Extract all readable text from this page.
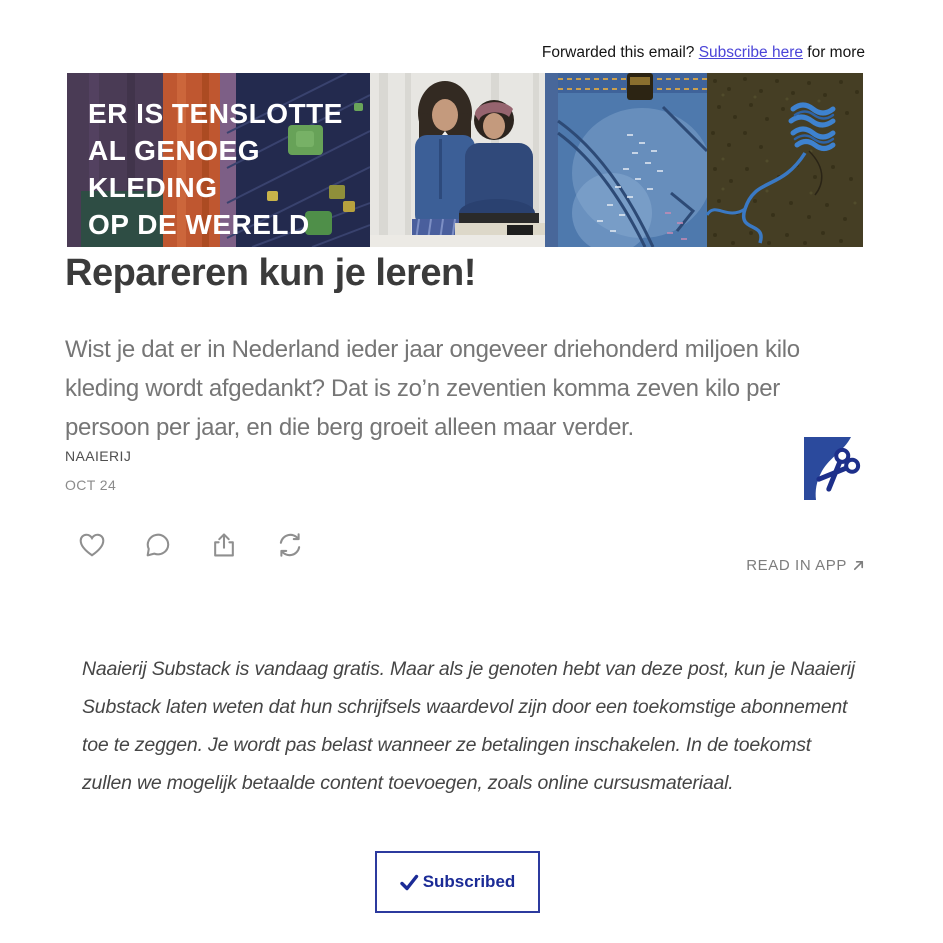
Forwarded this email? Subscribe here for more
ER IS TENSLOTTE
AL GENOEG
KLEDING
OP DE WERELD
Repareren kun je leren!
Wist je dat er in Nederland ieder jaar ongeveer driehonderd miljoen kilo kleding wordt afgedankt? Dat is zo’n zeventien komma zeven kilo per persoon per jaar, en die berg groeit alleen maar verder.
NAAIERIJ
OCT 24
READ IN APP
Naaierij Substack is vandaag gratis. Maar als je genoten hebt van deze post, kun je Naaierij Substack laten weten dat hun schrijfsels waardevol zijn door een toekomstige abonnement toe te zeggen. Je wordt pas belast wanneer ze betalingen inschakelen. In de toekomst zullen we mogelijk betaalde content toevoegen, zoals online cursusmateriaal.
Subscribed
